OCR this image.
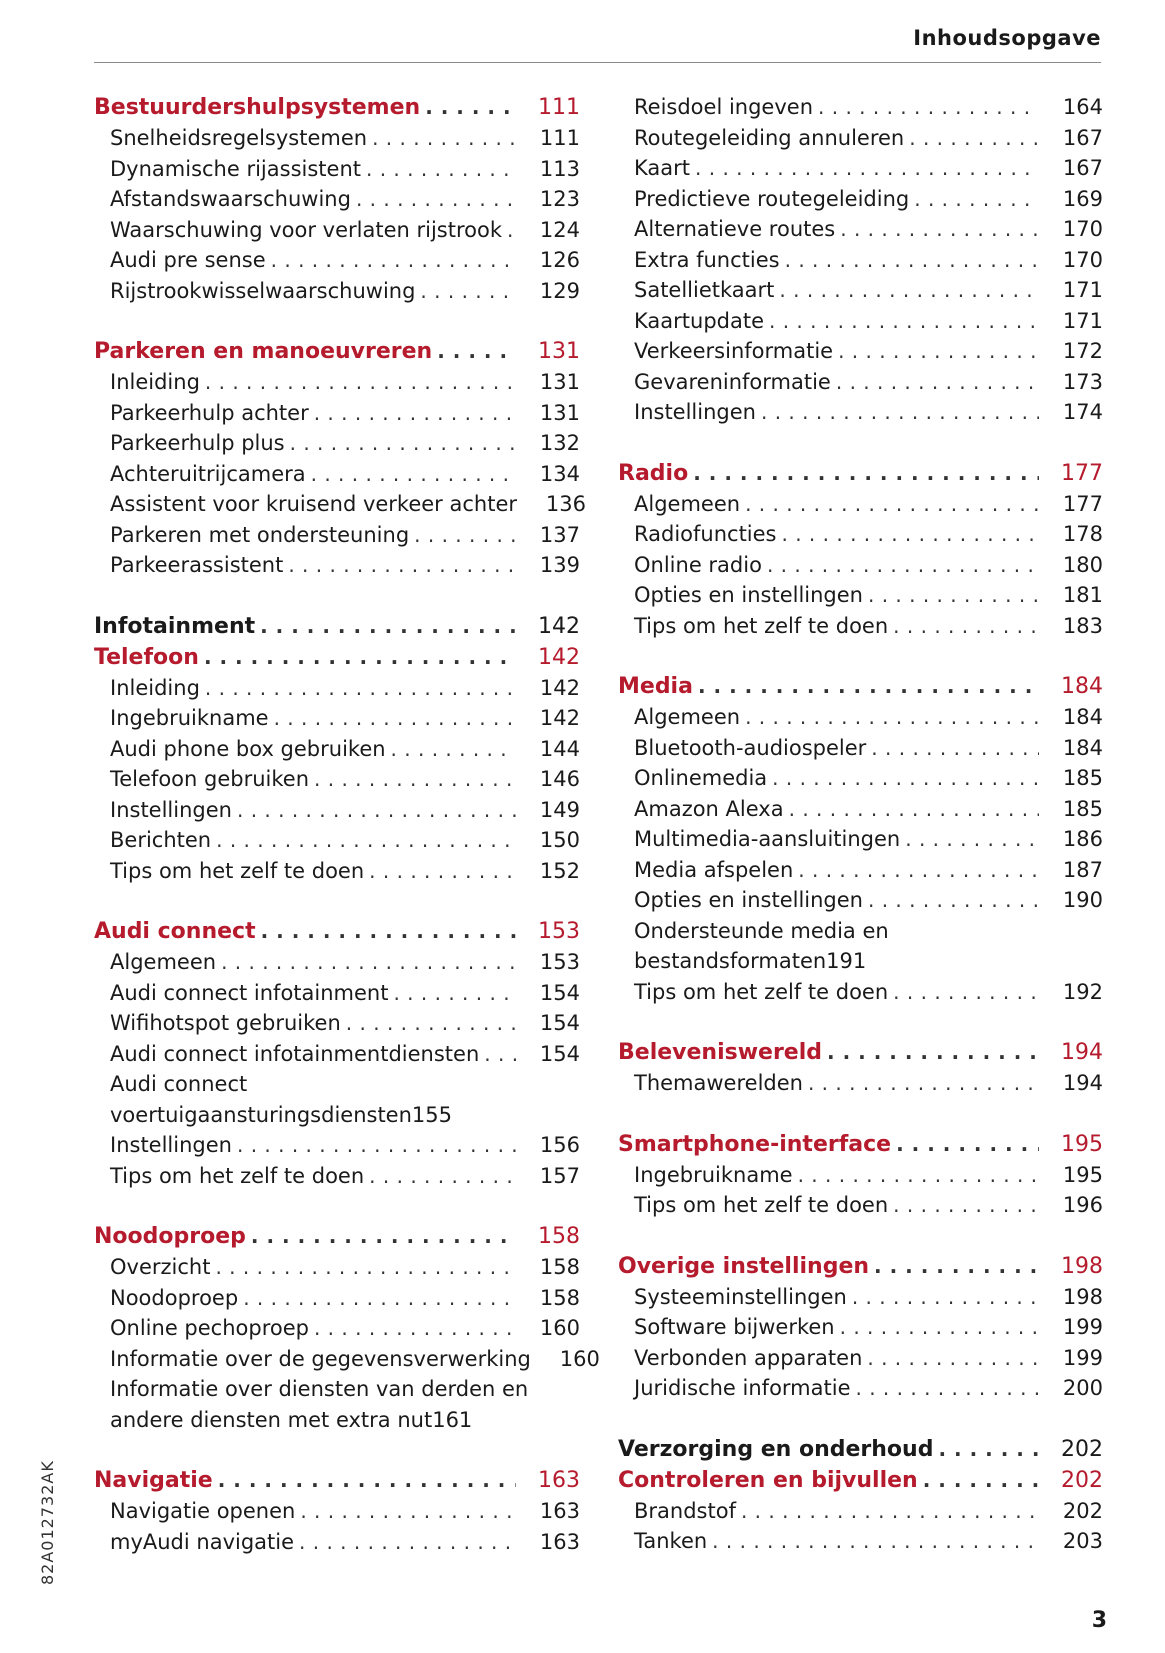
Inhoudsopgave
Bestuurdershulpsystemen . . .	111
Snelheidsregelsystemen . . .	111
Dynamische rijassistent . . .	113
Afstandswaarschuwing . . .	123
Waarschuwing voor verlaten rijstrook . . .	124
Audi pre sense . . .	126
Rijstrookwisselwaarschuwing . . .	129
Parkeren en manoeuvreren . . .	131
Inleiding . . .	131
Parkeerhulp achter . . .	131
Parkeerhulp plus . . .	132
Achteruitrijcamera . . .	134
Assistent voor kruisend verkeer achter	136
Parkeren met ondersteuning . . .	137
Parkeerassistent . . .	139
Infotainment . . .	142
Telefoon . . .	142
Inleiding . . .	142
Ingebruikname . . .	142
Audi phone box gebruiken . . .	144
Telefoon gebruiken . . .	146
Instellingen . . .	149
Berichten . . .	150
Tips om het zelf te doen . . .	152
Audi connect . . .	153
Algemeen . . .	153
Audi connect infotainment . . .	154
Wifihotspot gebruiken . . .	154
Audi connect infotainmentdiensten . . .	154
Audi connect
voertuigaansturingsdiensten 155
Instellingen . . .	156
Tips om het zelf te doen . . .	157
Noodoproep . . .	158
Overzicht . . .	158
Noodoproep . . .	158
Online pechoproep . . .	160
Informatie over de gegevensverwerking	160
Informatie over diensten van derden en
andere diensten met extra nut 161
Navigatie . . .	163
Navigatie openen . . .	163
myAudi navigatie . . .	163
Reisdoel ingeven . . .	164
Routegeleiding annuleren . . .	167
Kaart . . .	167
Predictieve routegeleiding . . .	169
Alternatieve routes . . .	170
Extra functies . . .	170
Satellietkaart . . .	171
Kaartupdate . . .	171
Verkeersinformatie . . .	172
Gevareninformatie . . .	173
Instellingen . . .	174
Radio . . .	177
Algemeen . . .	177
Radiofuncties . . .	178
Online radio . . .	180
Opties en instellingen . . .	181
Tips om het zelf te doen . . .	183
Media . . .	184
Algemeen . . .	184
Bluetooth-audiospeler . . .	184
Onlinemedia . . .	185
Amazon Alexa . . .	185
Multimedia-aansluitingen . . .	186
Media afspelen . . .	187
Opties en instellingen . . .	190
Ondersteunde media en
bestandsformaten 191
Tips om het zelf te doen . . .	192
Beleveniswereld . . .	194
Themawerelden . . .	194
Smartphone-interface . . .	195
Ingebruikname . . .	195
Tips om het zelf te doen . . .	196
Overige instellingen . . .	198
Systeeminstellingen . . .	198
Software bijwerken . . .	199
Verbonden apparaten . . .	199
Juridische informatie . . .	200
Verzorging en onderhoud . . .	202
Controleren en bijvullen . . .	202
Brandstof . . .	202
Tanken . . .	203
82A012732AK
3
